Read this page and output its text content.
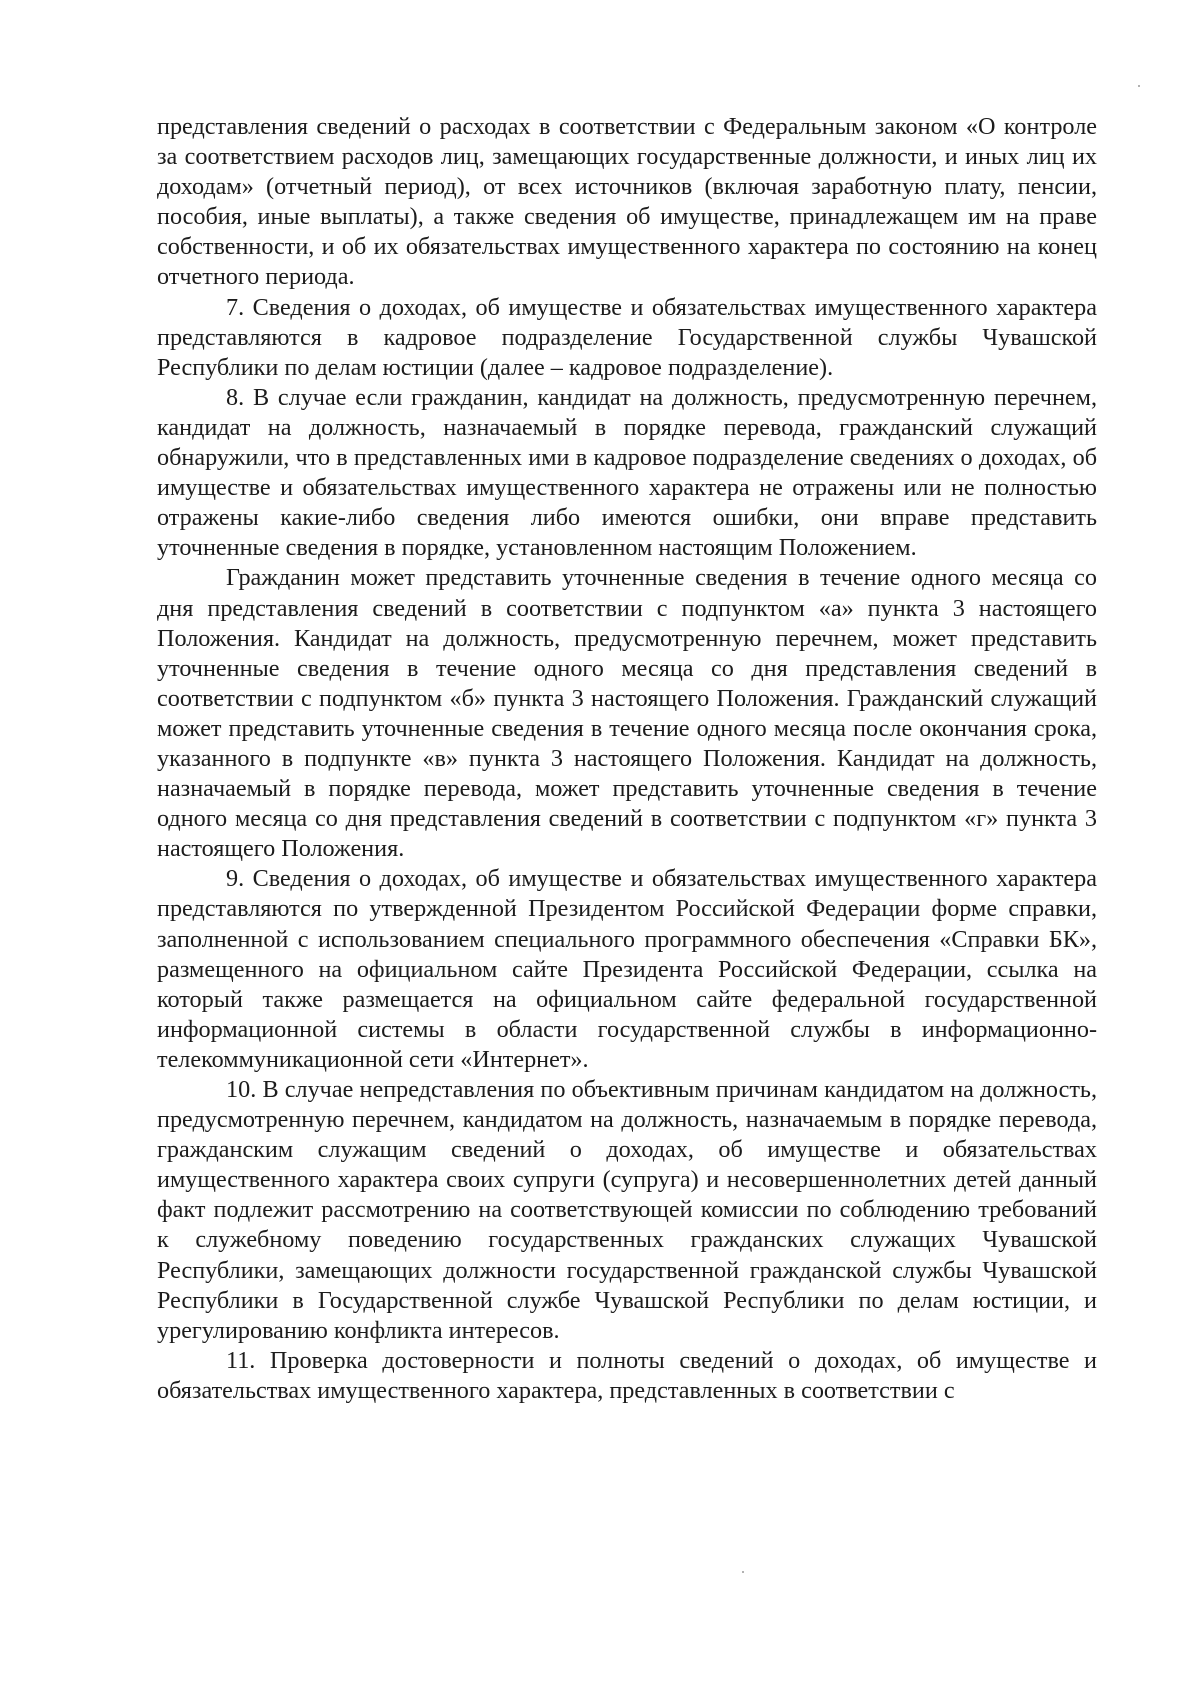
представления сведений о расходах в соответствии с Федеральным законом «О контроле за соответствием расходов лиц, замещающих государственные должности, и иных лиц их доходам» (отчетный период), от всех источников (включая заработную плату, пенсии, пособия, иные выплаты), а также сведения об имуществе, принадлежащем им на праве собственности, и об их обязательствах имущественного характера по состоянию на конец отчетного периода.

7. Сведения о доходах, об имуществе и обязательствах имущественного характера представляются в кадровое подразделение Государственной службы Чувашской Республики по делам юстиции (далее – кадровое подразделение).

8. В случае если гражданин, кандидат на должность, предусмотренную перечнем, кандидат на должность, назначаемый в порядке перевода, гражданский служащий обнаружили, что в представленных ими в кадровое подразделение сведениях о доходах, об имуществе и обязательствах имущественного характера не отражены или не полностью отражены какие-либо сведения либо имеются ошибки, они вправе представить уточненные сведения в порядке, установленном настоящим Положением.

Гражданин может представить уточненные сведения в течение одного месяца со дня представления сведений в соответствии с подпунктом «а» пункта 3 настоящего Положения. Кандидат на должность, предусмотренную перечнем, может представить уточненные сведения в течение одного месяца со дня представления сведений в соответствии с подпунктом «б» пункта 3 настоящего Положения. Гражданский служащий может представить уточненные сведения в течение одного месяца после окончания срока, указанного в подпункте «в» пункта 3 настоящего Положения. Кандидат на должность, назначаемый в порядке перевода, может представить уточненные сведения в течение одного месяца со дня представления сведений в соответствии с подпунктом «г» пункта 3 настоящего Положения.

9. Сведения о доходах, об имуществе и обязательствах имущественного характера представляются по утвержденной Президентом Российской Федерации форме справки, заполненной с использованием специального программного обеспечения «Справки БК», размещенного на официальном сайте Президента Российской Федерации, ссылка на который также размещается на официальном сайте федеральной государственной информационной системы в области государственной службы в информационно-телекоммуникационной сети «Интернет».

10. В случае непредставления по объективным причинам кандидатом на должность, предусмотренную перечнем, кандидатом на должность, назначаемым в порядке перевода, гражданским служащим сведений о доходах, об имуществе и обязательствах имущественного характера своих супруги (супруга) и несовершеннолетних детей данный факт подлежит рассмотрению на соответствующей комиссии по соблюдению требований к служебному поведению государственных гражданских служащих Чувашской Республики, замещающих должности государственной гражданской службы Чувашской Республики в Государственной службе Чувашской Республики по делам юстиции, и урегулированию конфликта интересов.

11. Проверка достоверности и полноты сведений о доходах, об имуществе и обязательствах имущественного характера, представленных в соответствии с
